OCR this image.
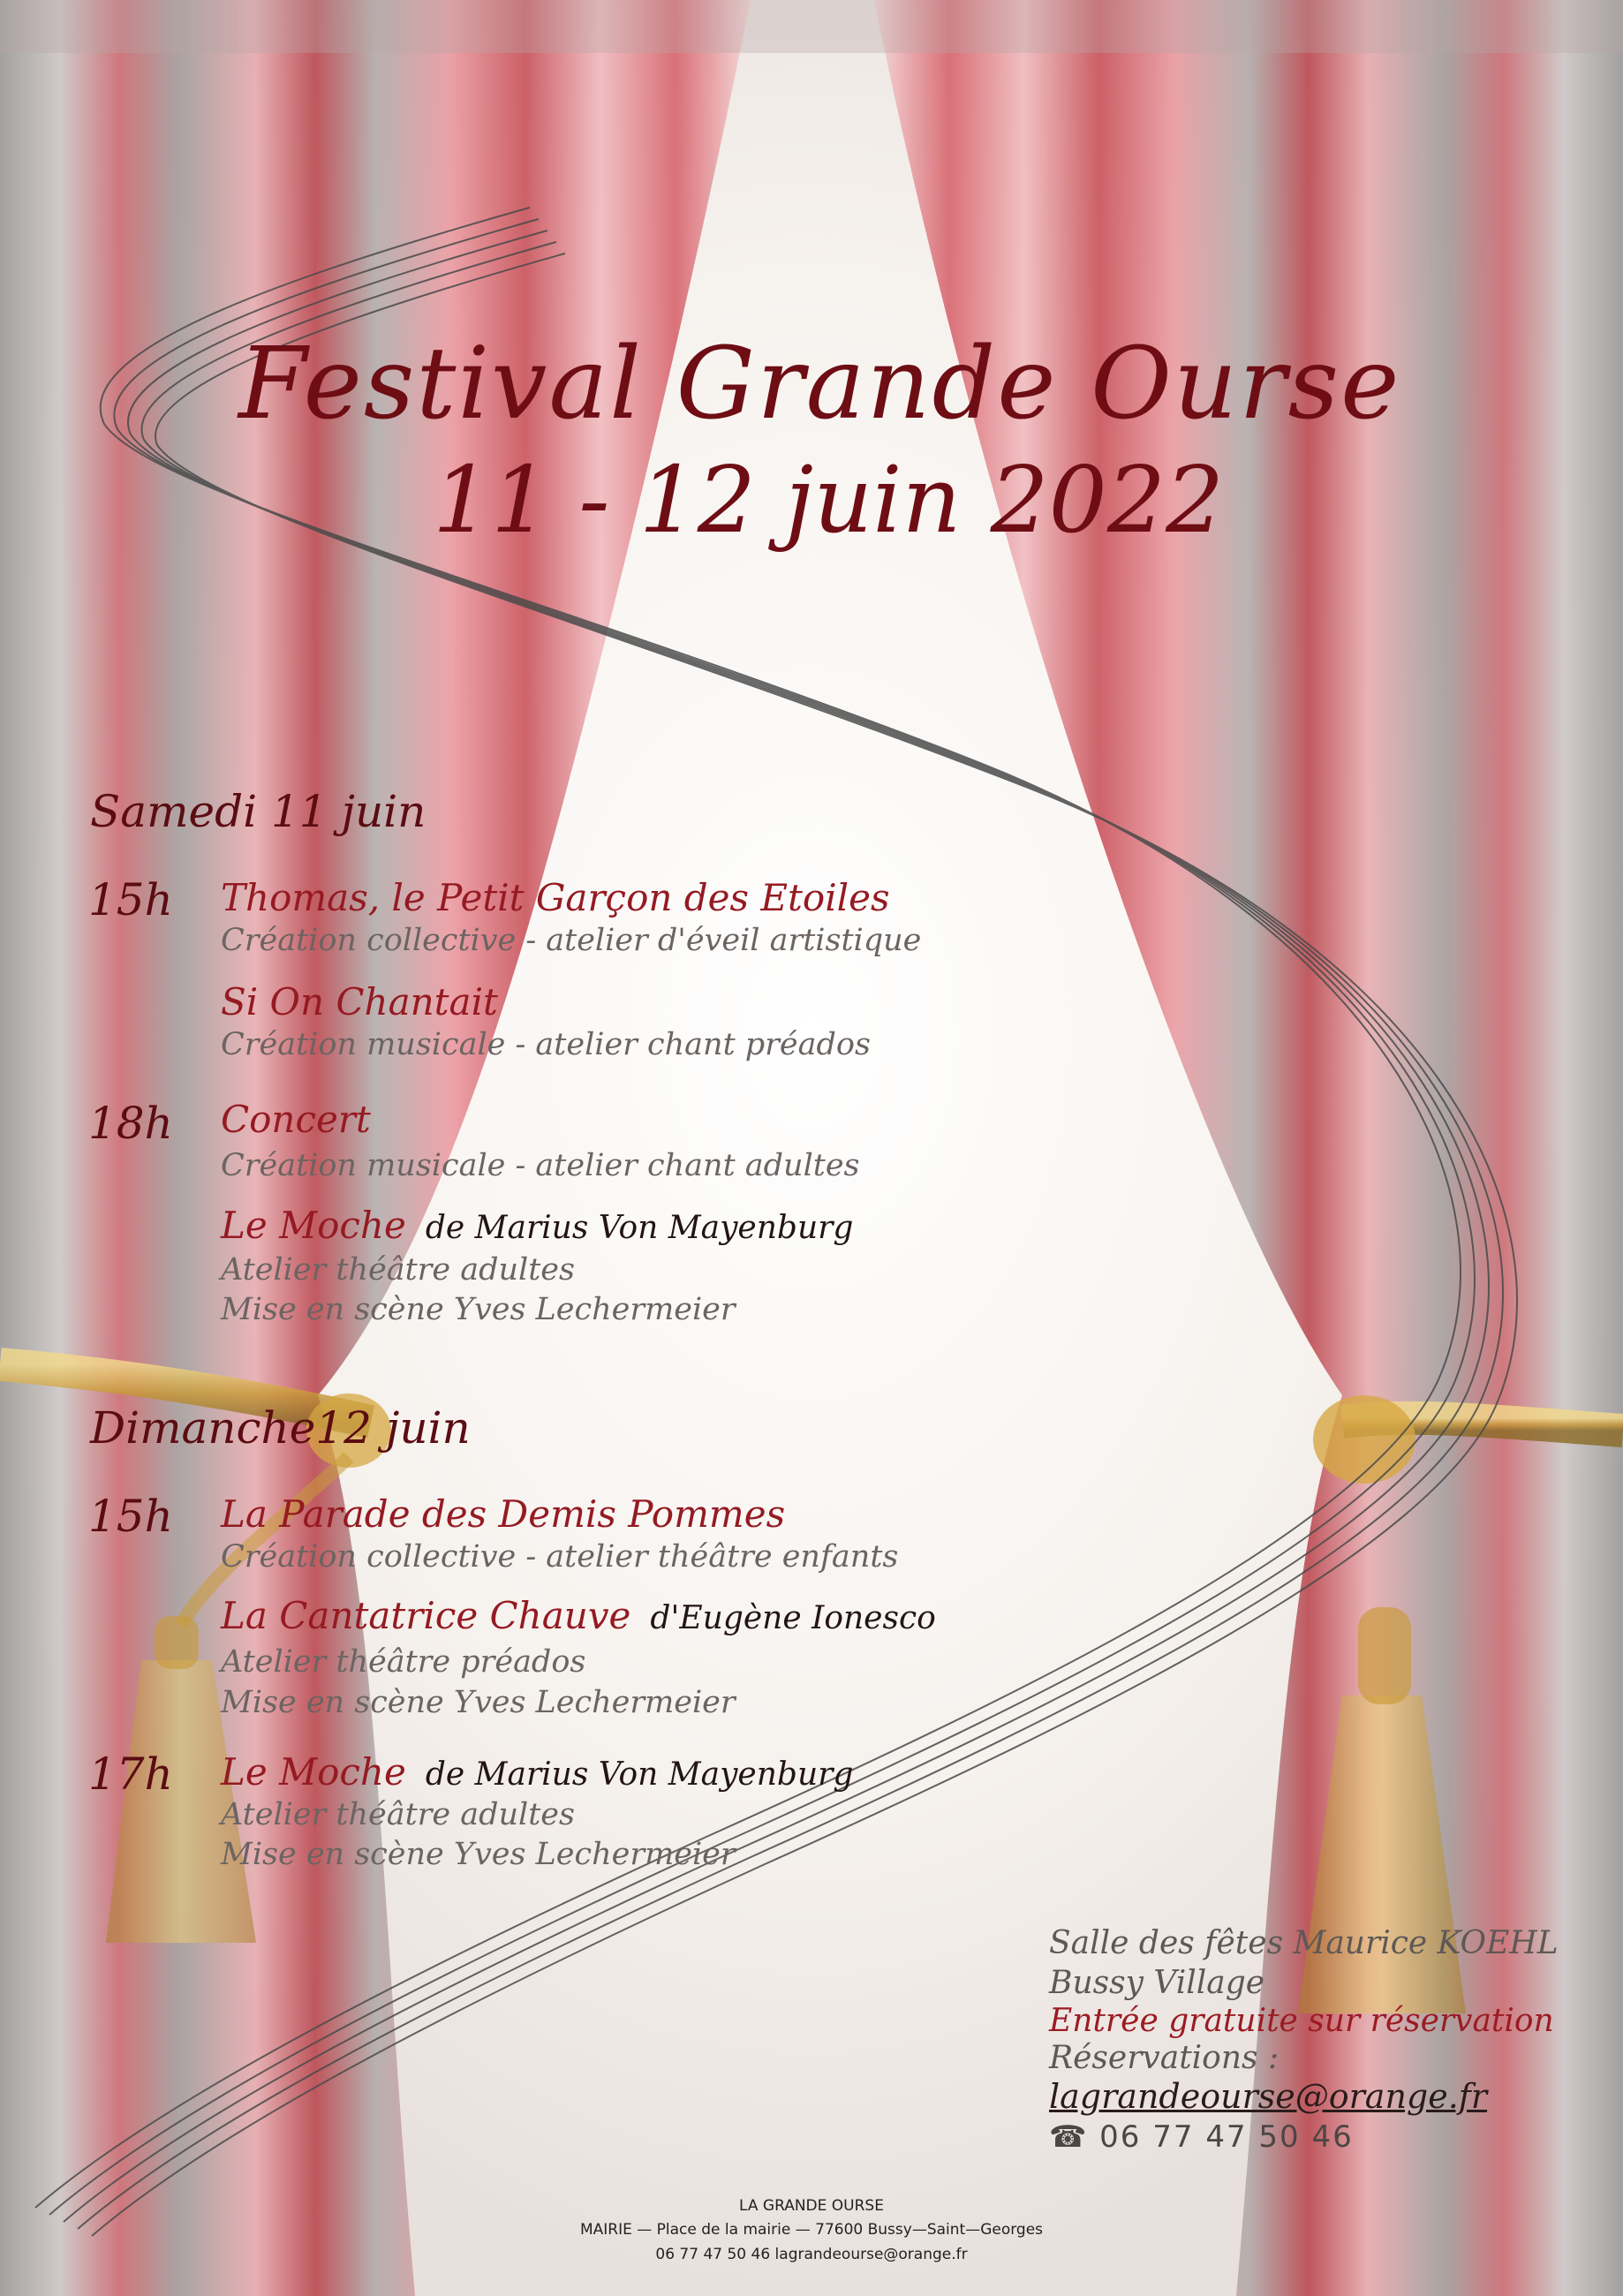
Festival Grande Ourse
11 - 12 juin 2022
Samedi 11 juin
15h Thomas, le Petit Garçon des Etoiles
Création collective - atelier d'éveil artistique
Si On Chantait
Création musicale - atelier chant préados
18h Concert
Création musicale - atelier chant adultes
Le Moche de Marius Von Mayenburg
Atelier théâtre adultes
Mise en scène Yves Lechermeier
Dimanche12 juin
15h La Parade des Demis Pommes
Création collective - atelier théâtre enfants
La Cantatrice Chauve d'Eugène Ionesco
Atelier théâtre préados
Mise en scène Yves Lechermeier
17h Le Moche de Marius Von Mayenburg
Atelier théâtre adultes
Mise en scène Yves Lechermeier
Salle des fêtes Maurice KOEHL
Bussy Village
Entrée gratuite sur réservation
Réservations :
lagrandeourse@orange.fr
☎ 06 77 47 50 46
LA GRANDE OURSE
MAIRIE — Place de la mairie — 77600 Bussy—Saint—Georges
06 77 47 50 46 lagrandeourse@orange.fr
